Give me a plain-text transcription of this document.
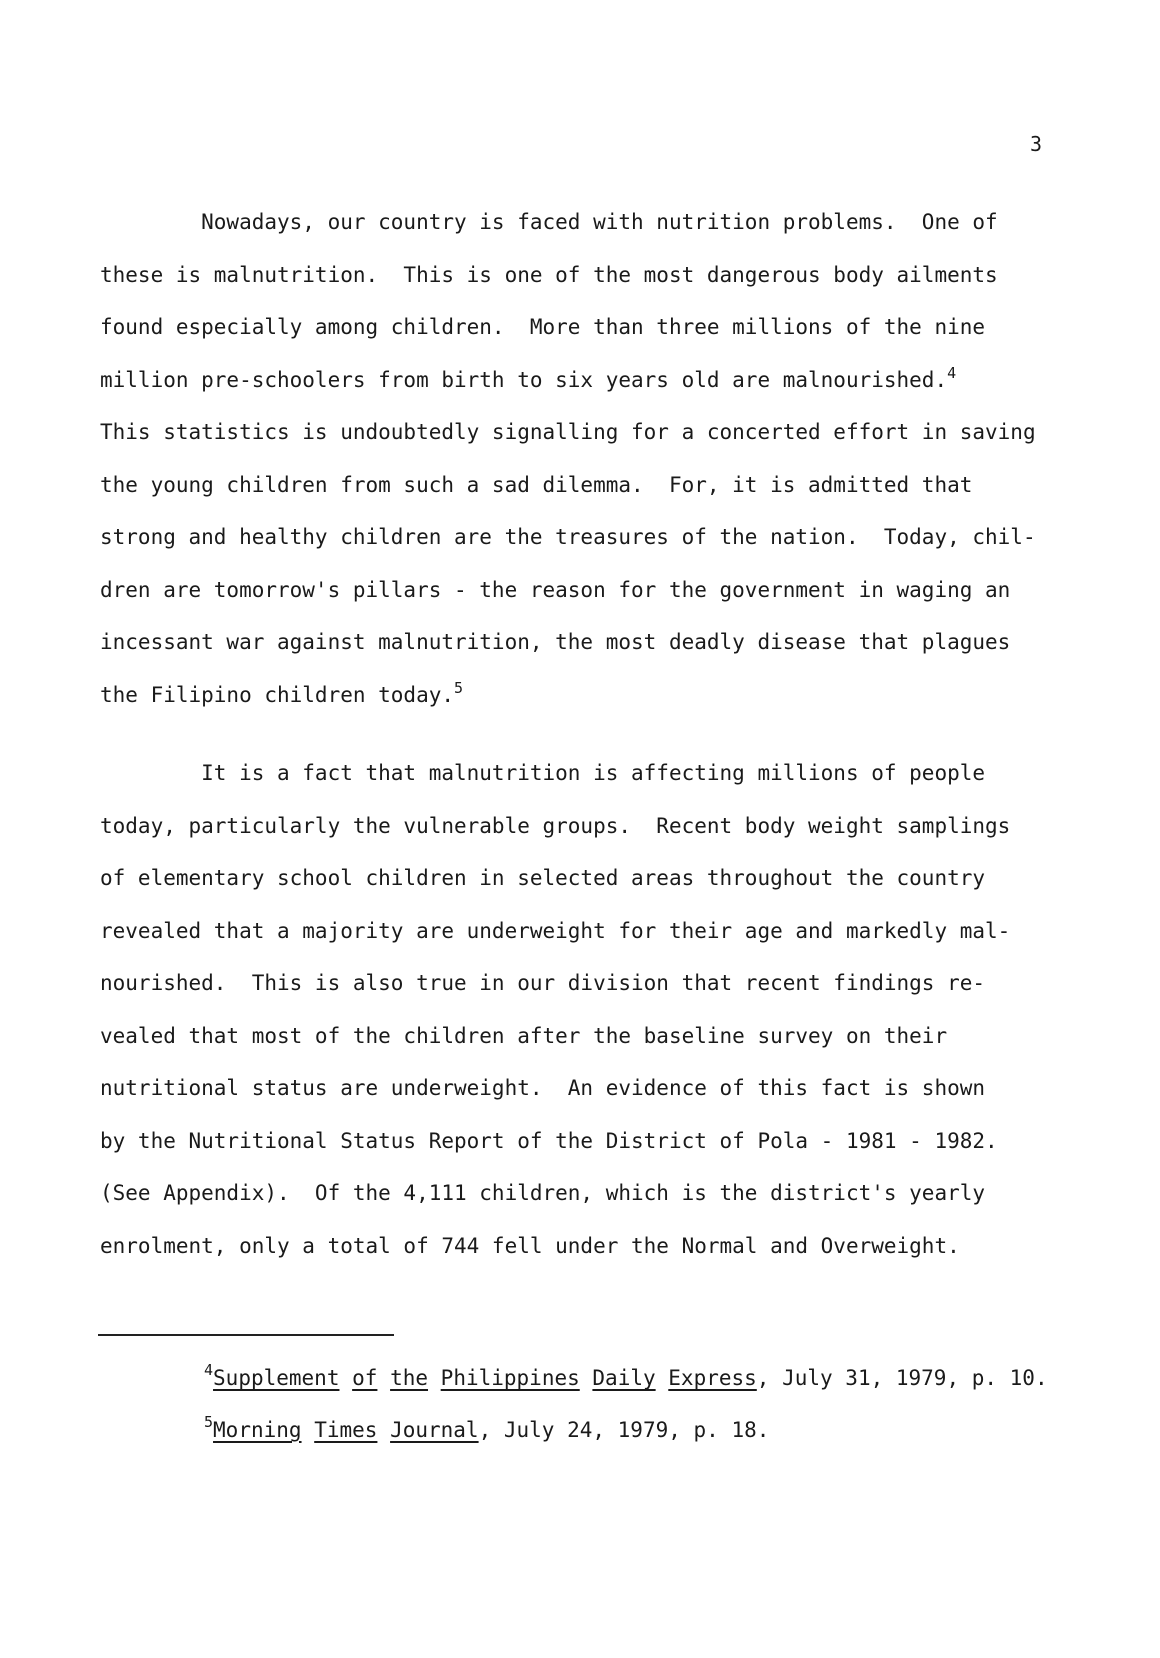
3
Nowadays, our country is faced with nutrition problems.  One of
these is malnutrition.  This is one of the most dangerous body ailments
found especially among children.  More than three millions of the nine
million pre-schoolers from birth to six years old are malnourished.$^4$
This statistics is undoubtedly signalling for a concerted effort in saving
the young children from such a sad dilemma.  For, it is admitted that
strong and healthy children are the treasures of the nation.  Today, chil-
dren are tomorrow's pillars - the reason for the government in waging an
incessant war against malnutrition, the most deadly disease that plagues
the Filipino children today.$^5$
It is a fact that malnutrition is affecting millions of people
today, particularly the vulnerable groups.  Recent body weight samplings
of elementary school children in selected areas throughout the country
revealed that a majority are underweight for their age and markedly mal-
nourished.  This is also true in our division that recent findings re-
vealed that most of the children after the baseline survey on their
nutritional status are underweight.  An evidence of this fact is shown
by the Nutritional Status Report of the District of Pola - 1981 - 1982.
(See Appendix).  Of the 4,111 children, which is the district's yearly
enrolment, only a total of 744 fell under the Normal and Overweight.
$^4$Supplement of the Philippines Daily Express, July 31, 1979, p. 10.
$^5$Morning Times Journal, July 24, 1979, p. 18.
